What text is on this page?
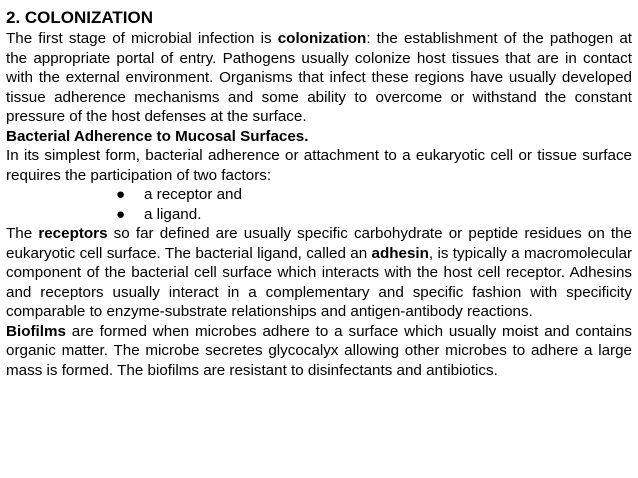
2. COLONIZATION

The first stage of microbial infection is colonization: the establishment of the pathogen at the appropriate portal of entry. Pathogens usually colonize host tissues that are in contact with the external environment. Organisms that infect these regions have usually developed tissue adherence mechanisms and some ability to overcome or withstand the constant pressure of the host defenses at the surface.

Bacterial Adherence to Mucosal Surfaces.

In its simplest form, bacterial adherence or attachment to a eukaryotic cell or tissue surface requires the participation of two factors:

● a receptor and
● a ligand.

The receptors so far defined are usually specific carbohydrate or peptide residues on the eukaryotic cell surface. The bacterial ligand, called an adhesin, is typically a macromolecular component of the bacterial cell surface which interacts with the host cell receptor. Adhesins and receptors usually interact in a complementary and specific fashion with specificity comparable to enzyme-substrate relationships and antigen-antibody reactions.

Biofilms are formed when microbes adhere to a surface which usually moist and contains organic matter. The microbe secretes glycocalyx allowing other microbes to adhere a large mass is formed. The biofilms are resistant to disinfectants and antibiotics.
